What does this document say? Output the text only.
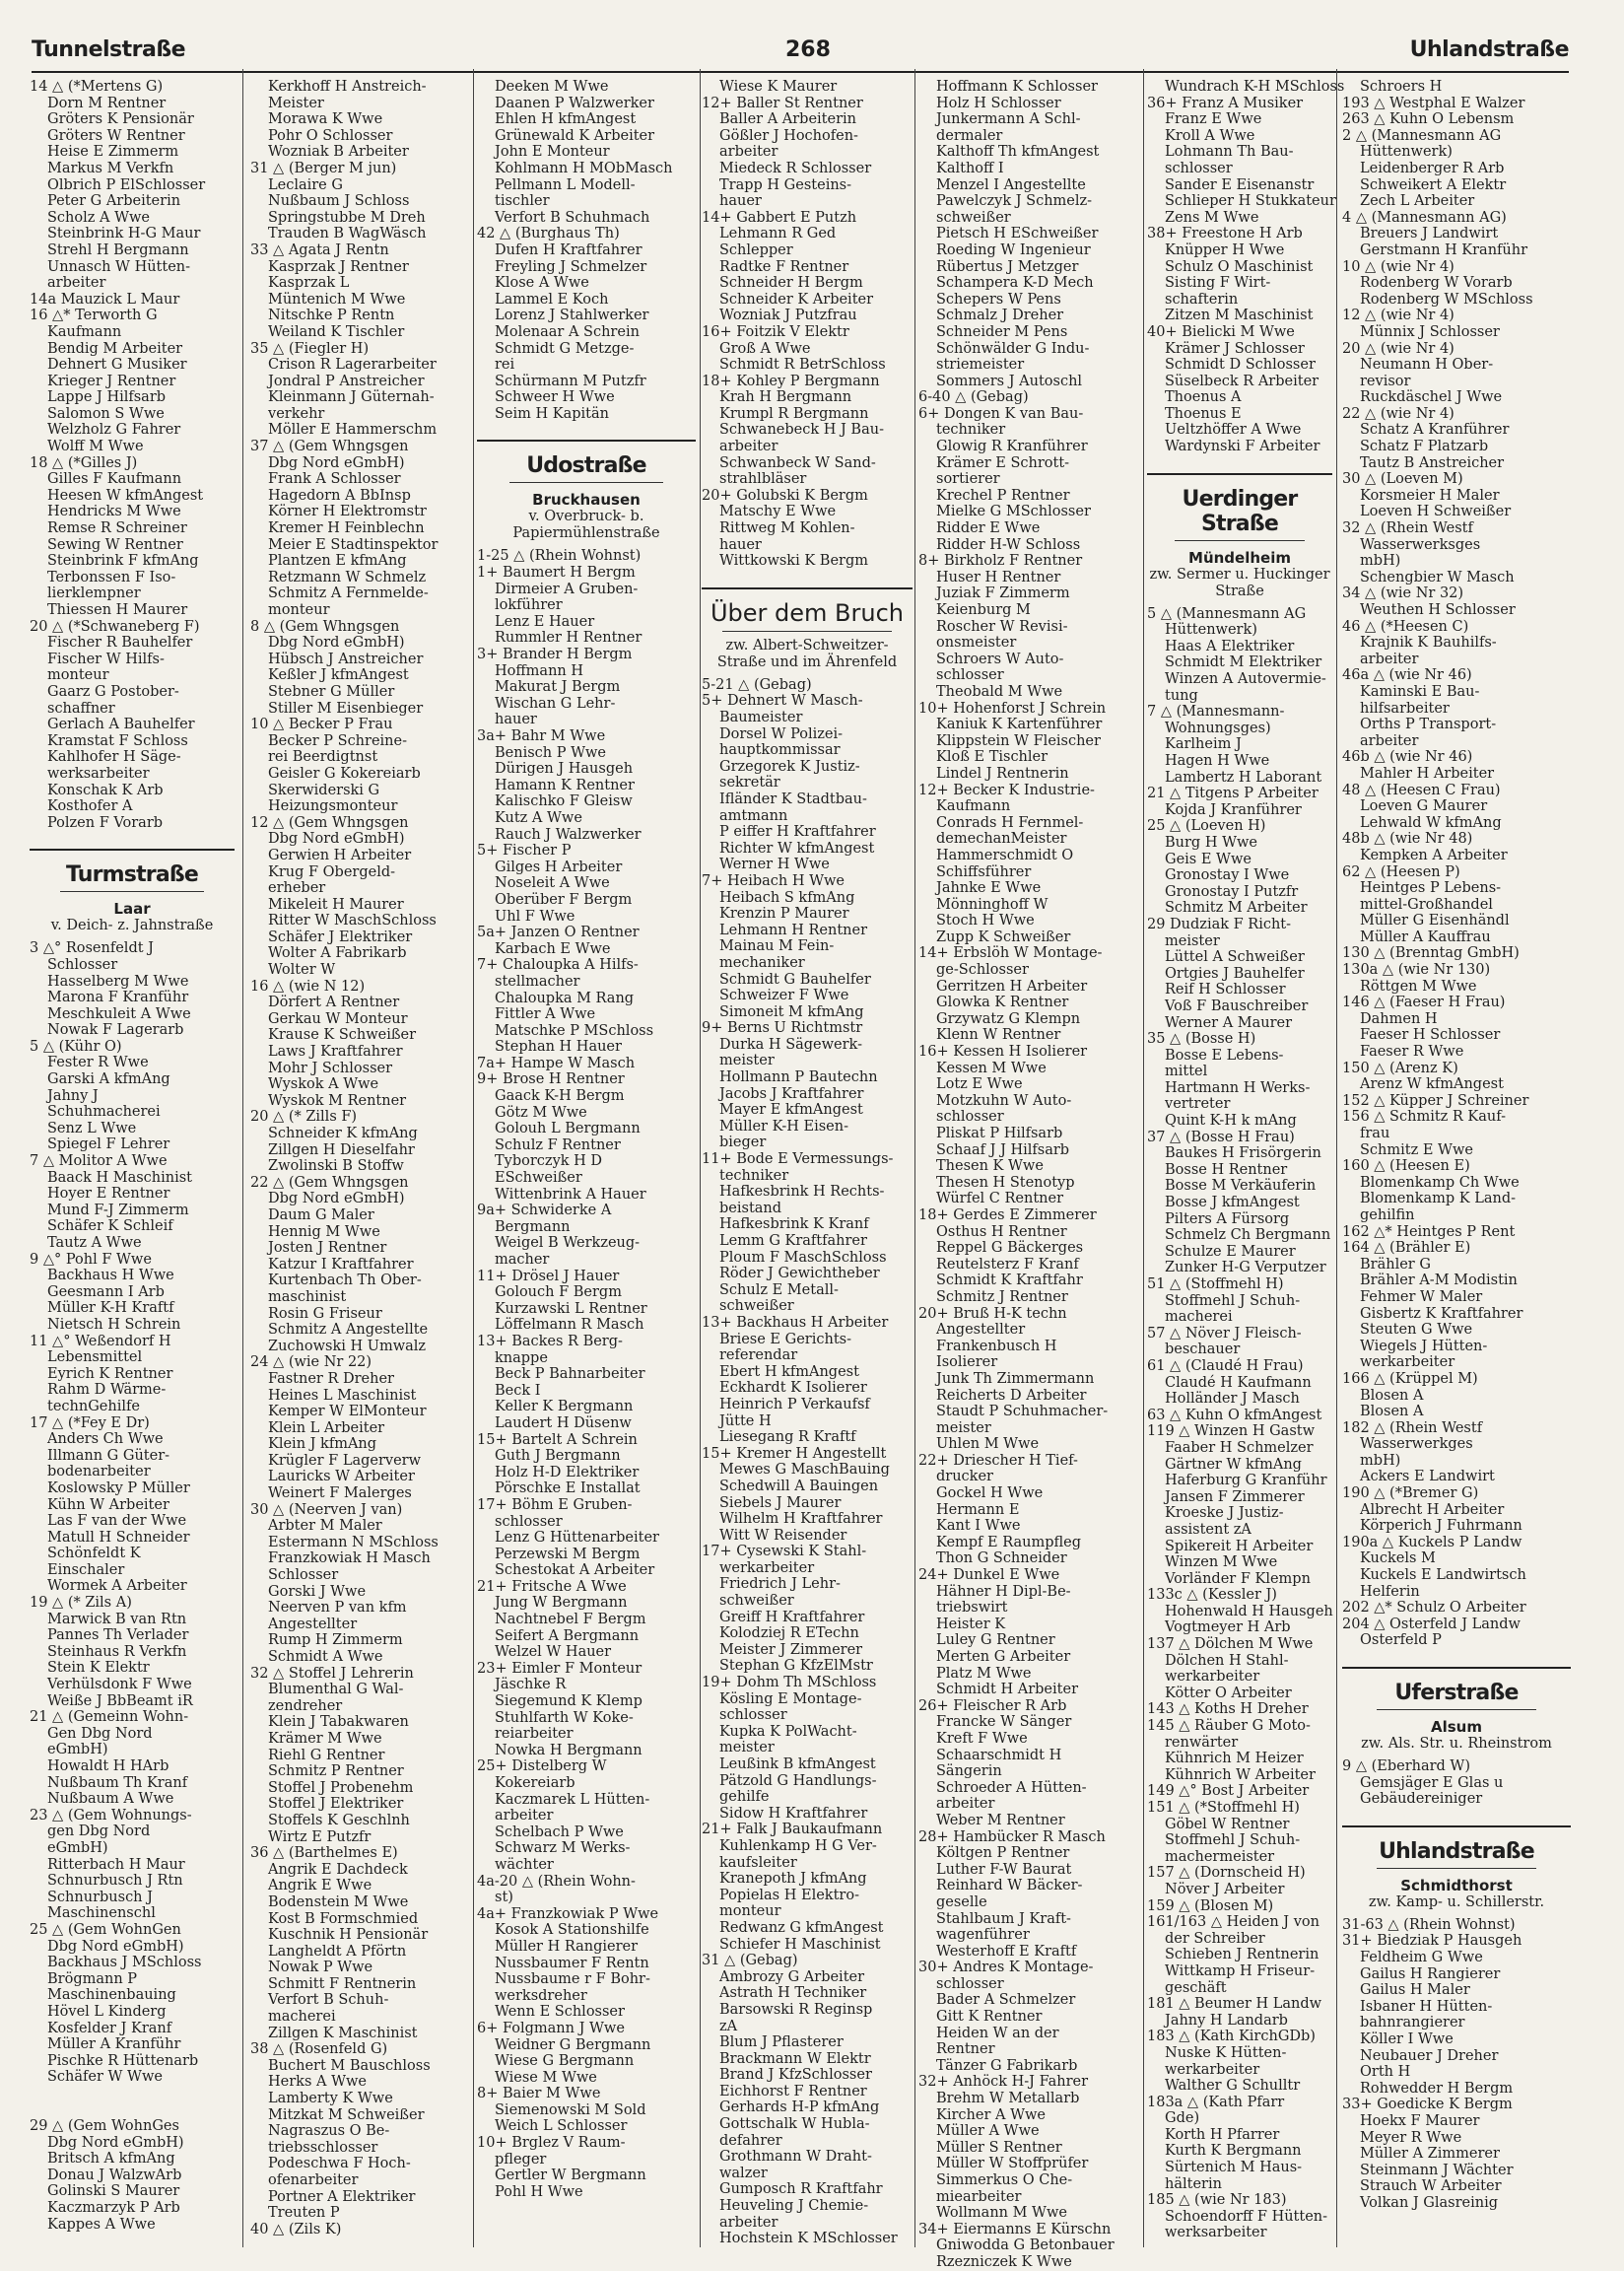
Tunnelstraße	268	Uhlandstraße
14 △ (*Mertens G)
Dorn M Rentner
Gröters K Pensionär
Gröters W Rentner
Heise E Zimmerm
Markus M Verkfn
Olbrich P ElSchlosser
Peter G Arbeiterin
Scholz A Wwe
Steinbrink H-G Maur
Strehl H Bergmann
Unnasch W Hütten-
arbeiter
14a Mauzick L Maur
16 △* Terworth G
Kaufmann
Bendig M Arbeiter
Dehnert G Musiker
Krieger J Rentner
Lappe J Hilfsarb
Salomon S Wwe
Welzholz G Fahrer
Wolff M Wwe
18 △ (*Gilles J)
Gilles F Kaufmann
Heesen W kfmAngest
Hendricks M Wwe
Remse R Schreiner
Sewing W Rentner
Steinbrink F kfmAng
Terbonssen F Iso-
lierklempner
Thiessen H Maurer
20 △ (*Schwaneberg F)
Fischer R Bauhelfer
Fischer W Hilfs-
monteur
Gaarz G Postober-
schaffner
Gerlach A Bauhelfer
Kramstat F Schloss
Kahlhofer H Säge-
werksarbeiter
Konschak K Arb
Kosthofer A
Polzen F Vorarb
Turmstraße
Laar
v. Deich- z. Jahnstraße
3 △° Rosenfeldt J
Schlosser
Hasselberg M Wwe
Marona F Kranführ
Meschkuleit A Wwe
Nowak F Lagerarb
5 △ (Kühr O)
Fester R Wwe
Garski A kfmAng
Jahny J
Schuhmacherei
Senz L Wwe
Spiegel F Lehrer
7 △ Molitor A Wwe
Baack H Maschinist
Hoyer E Rentner
Mund F-J Zimmerm
Schäfer K Schleif
Tautz A Wwe
9 △° Pohl F Wwe
Backhaus H Wwe
Geesmann I Arb
Müller K-H Kraftf
Nietsch H Schrein
11 △° Weßendorf H
Lebensmittel
Eyrich K Rentner
Rahm D Wärme-
technGehilfe
17 △ (*Fey E Dr)
Anders Ch Wwe
Illmann G Güter-
bodenarbeiter
Koslowsky P Müller
Kühn W Arbeiter
Las F van der Wwe
Matull H Schneider
Schönfeldt K
Einschaler
Wormek A Arbeiter
19 △ (* Zils A)
Marwick B van Rtn
Pannes Th Verlader
Steinhaus R Verkfn
Stein K Elektr
Verhülsdonk F Wwe
Weiße J BbBeamt iR
21 △ (Gemeinn Wohn-
Gen Dbg Nord
eGmbH)
Howaldt H HArb
Nußbaum Th Kranf
Nußbaum A Wwe
23 △ (Gem Wohnungs-
gen Dbg Nord
eGmbH)
Ritterbach H Maur
Schnurbusch J Rtn
Schnurbusch J
Maschinenschl
25 △ (Gem WohnGen
Dbg Nord eGmbH)
Backhaus J MSchloss
Brögmann P
Maschinenbauing
Hövel L Kinderg
Kosfelder J Kranf
Müller A Kranführ
Pischke R Hüttenarb
Schäfer W Wwe

29 △ (Gem WohnGes
Dbg Nord eGmbH)
Britsch A kfmAng
Donau J WalzwArb
Golinski S Maurer
Kaczmarzyk P Arb
Kappes A Wwe
Kerkhoff H Anstreich-
Meister
Morawa K Wwe
Pohr O Schlosser
Wozniak B Arbeiter
31 △ (Berger M jun)
Leclaire G
Nußbaum J Schloss
Springstubbe M Dreh
Trauden B WagWäsch
33 △ Agata J Rentn
Kasprzak J Rentner
Kasprzak L
Müntenich M Wwe
Nitschke P Rentn
Weiland K Tischler
35 △ (Fiegler H)
Crison R Lagerarbeiter
Jondral P Anstreicher
Kleinmann J Güternah-
verkehr
Möller E Hammerschm
37 △ (Gem Whngsgen
Dbg Nord eGmbH)
Frank A Schlosser
Hagedorn A BbInsp
Körner H Elektromstr
Kremer H Feinblechn
Meier E Stadtinspektor
Plantzen E kfmAng
Retzmann W Schmelz
Schmitz A Fernmelde-
monteur
8 △ (Gem Whngsgen
Dbg Nord eGmbH)
Hübsch J Anstreicher
Keßler J kfmAngest
Stebner G Müller
Stiller M Eisenbieger
10 △ Becker P Frau
Becker P Schreine-
rei Beerdigtnst
Geisler G Kokereiarb
Skerwiderski G
Heizungsmonteur
12 △ (Gem Whngsgen
Dbg Nord eGmbH)
Gerwien H Arbeiter
Krug F Obergeld-
erheber
Mikeleit H Maurer
Ritter W MaschSchloss
Schäfer J Elektriker
Wolter A Fabrikarb
Wolter W
16 △ (wie N 12)
Dörfert A Rentner
Gerkau W Monteur
Krause K Schweißer
Laws J Kraftfahrer
Mohr J Schlosser
Wyskok A Wwe
Wyskok M Rentner
20 △ (* Zills F)
Schneider K kfmAng
Zillgen H Dieselfahr
Zwolinski B Stoffw
22 △ (Gem Whngsgen
Dbg Nord eGmbH)
Daum G Maler
Hennig M Wwe
Josten J Rentner
Katzur I Kraftfahrer
Kurtenbach Th Ober-
maschinist
Rosin G Friseur
Schmitz A Angestellte
Zuchowski H Umwalz
24 △ (wie Nr 22)
Fastner R Dreher
Heines L Maschinist
Kemper W ElMonteur
Klein L Arbeiter
Klein J kfmAng
Krügler F Lagerverw
Lauricks W Arbeiter
Weinert F Malerges
30 △ (Neerven J van)
Arbter M Maler
Estermann N MSchloss
Franzkowiak H Masch
Schlosser
Gorski J Wwe
Neerven P van kfm
Angestellter
Rump H Zimmerm
Schmidt A Wwe
32 △ Stoffel J Lehrerin
Blumenthal G Wal-
zendreher
Klein J Tabakwaren
Krämer M Wwe
Riehl G Rentner
Schmitz P Rentner
Stoffel J Probenehm
Stoffel J Elektriker
Stoffels K Geschlnh
Wirtz E Putzfr
36 △ (Barthelmes E)
Angrik E Dachdeck
Angrik E Wwe
Bodenstein M Wwe
Kost B Formschmied
Kuschnik H Pensionär
Langheldt A Pförtn
Nowak P Wwe
Schmitt F Rentnerin
Verfort B Schuh-
macherei
Zillgen K Maschinist
38 △ (Rosenfeld G)
Buchert M Bauschloss
Herks A Wwe
Lamberty K Wwe
Mitzkat M Schweißer
Nagraszus O Be-
triebsschlosser
Podeschwa F Hoch-
ofenarbeiter
Portner A Elektriker
Treuten P
40 △ (Zils K)
Deeken M Wwe
Daanen P Walzwerker
Ehlen H kfmAngest
Grünewald K Arbeiter
John E Monteur
Kohlmann H MObMasch
Pellmann L Modell-
tischler
Verfort B Schuhmach
42 △ (Burghaus Th)
Dufen H Kraftfahrer
Freyling J Schmelzer
Klose A Wwe
Lammel E Koch
Lorenz J Stahlwerker
Molenaar A Schrein
Schmidt G Metzge-
rei
Schürmann M Putzfr
Schweer H Wwe
Seim H Kapitän
Udostraße
Bruckhausen
v. Overbruck- b. Papiermühlenstraße
1-25 △ (Rhein Wohnst)
1+ Baumert H Bergm
Dirmeier A Gruben-
lokführer
Lenz E Hauer
Rummler H Rentner
3+ Brander H Bergm
Hoffmann H
Makurat J Bergm
Wischan G Lehr-
hauer
3a+ Bahr M Wwe
Benisch P Wwe
Dürigen J Hausgeh
Hamann K Rentner
Kalischko F Gleisw
Kutz A Wwe
Rauch J Walzwerker
5+ Fischer P
Gilges H Arbeiter
Noseleit A Wwe
Oberüber F Bergm
Uhl F Wwe
5a+ Janzen O Rentner
Karbach E Wwe
7+ Chaloupka A Hilfs-
stellmacher
Chaloupka M Rang
Fittler A Wwe
Matschke P MSchloss
Stephan H Hauer
7a+ Hampe W Masch
9+ Brose H Rentner
Gaack K-H Bergm
Götz M Wwe
Golouh L Bergmann
Schulz F Rentner
Tyborczyk H D
ESchweißer
Wittenbrink A Hauer
9a+ Schwiderke A
Bergmann
Weigel B Werkzeug-
macher
11+ Drösel J Hauer
Golouch F Bergm
Kurzawski L Rentner
Löffelmann R Masch
13+ Backes R Berg-
knappe
Beck P Bahnarbeiter
Beck I
Keller K Bergmann
Laudert H Düsenw
15+ Bartelt A Schrein
Guth J Bergmann
Holz H-D Elektriker
Pörschke E Installat
17+ Böhm E Gruben-
schlosser
Lenz G Hüttenarbeiter
Perzewski M Bergm
Schestokat A Arbeiter
21+ Fritsche A Wwe
Jung W Bergmann
Nachtnebel F Bergm
Seifert A Bergmann
Welzel W Hauer
23+ Eimler F Monteur
Jäschke R
Siegemund K Klemp
Stuhlfarth W Koke-
reiarbeiter
Nowka H Bergmann
25+ Distelberg W
Kokereiarb
Kaczmarek L Hütten-
arbeiter
Schelbach P Wwe
Schwarz M Werks-
wächter
4a-20 △ (Rhein Wohn-
st)
4a+ Franzkowiak P Wwe
Kosok A Stationshilfe
Müller H Rangierer
Nussbaumer F Rentn
Nussbaume r F Bohr-
werksdreher
Wenn E Schlosser
6+ Folgmann J Wwe
Weidner G Bergmann
Wiese G Bergmann
Wiese M Wwe
8+ Baier M Wwe
Siemenowski M Sold
Weich L Schlosser
10+ Brglez V Raum-
pfleger
Gertler W Bergmann
Pohl H Wwe
Wiese K Maurer
12+ Baller St Rentner
Baller A Arbeiterin
Gößler J Hochofen-
arbeiter
Miedeck R Schlosser
Trapp H Gesteins-
hauer
14+ Gabbert E Putzh
Lehmann R Ged
Schlepper
Radtke F Rentner
Schneider H Bergm
Schneider K Arbeiter
Wozniak J Putzfrau
16+ Foitzik V Elektr
Groß A Wwe
Schmidt R BetrSchloss
18+ Kohley P Bergmann
Krah H Bergmann
Krumpl R Bergmann
Schwanebeck H J Bau-
arbeiter
Schwanbeck W Sand-
strahlbläser
20+ Golubski K Bergm
Matschy E Wwe
Rittweg M Kohlen-
hauer
Wittkowski K Bergm
Über dem Bruch
zw. Albert-Schweitzer-Straße und im Ährenfeld
5-21 △ (Gebag)
5+ Dehnert W Masch-
Baumeister
Dorsel W Polizei-
hauptkommissar
Grzegorek K Justiz-
sekretär
Ifländer K Stadtbau-
amtmann
P eiffer H Kraftfahrer
Richter W kfmAngest
Werner H Wwe
7+ Heibach H Wwe
Heibach S kfmAng
Krenzin P Maurer
Lehmann H Rentner
Mainau M Fein-
mechaniker
Schmidt G Bauhelfer
Schweizer F Wwe
Simoneit M kfmAng
9+ Berns U Richtmstr
Durka H Sägewerk-
meister
Hollmann P Bautechn
Jacobs J Kraftfahrer
Mayer E kfmAngest
Müller K-H Eisen-
bieger
11+ Bode E Vermessungs-
techniker
Hafkesbrink H Rechts-
beistand
Hafkesbrink K Kranf
Lemm G Kraftfahrer
Ploum F MaschSchloss
Röder J Gewichtheber
Schulz E Metall-
schweißer
13+ Backhaus H Arbeiter
Briese E Gerichts-
referendar
Ebert H kfmAngest
Eckhardt K Isolierer
Heinrich P Verkaufsf
Jütte H
Liesegang R Kraftf
15+ Kremer H Angestellt
Mewes G MaschBauing
Schedwill A Bauingen
Siebels J Maurer
Wilhelm H Kraftfahrer
Witt W Reisender
17+ Cysewski K Stahl-
werkarbeiter
Friedrich J Lehr-
schweißer
Greiff H Kraftfahrer
Kolodziej R ETechn
Meister J Zimmerer
Stephan G KfzElMstr
19+ Dohm Th MSchloss
Kösling E Montage-
schlosser
Kupka K PolWacht-
meister
Leußink B kfmAngest
Pätzold G Handlungs-
gehilfe
Sidow H Kraftfahrer
21+ Falk J Baukaufmann
Kuhlenkamp H G Ver-
kaufsleiter
Kranepoth J kfmAng
Popielas H Elektro-
monteur
Redwanz G kfmAngest
Schiefer H Maschinist
31 △ (Gebag)
Ambrozy G Arbeiter
Astrath H Techniker
Barsowski R Reginsp
zA
Blum J Pflasterer
Brackmann W Elektr
Brand J KfzSchlosser
Eichhorst F Rentner
Gerhards H-P kfmAng
Gottschalk W Hubla-
defahrer
Grothmann W Draht-
walzer
Gumposch R Kraftfahr
Heuveling J Chemie-
arbeiter
Hochstein K MSchlosser
Hoffmann K Schlosser
Holz H Schlosser
Junkermann A Schl-
dermaler
Kalthoff Th kfmAngest
Kalthoff I
Menzel I Angestellte
Pawelczyk J Schmelz-
schweißer
Pietsch H ESchweißer
Roeding W Ingenieur
Rübertus J Metzger
Schampera K-D Mech
Schepers W Pens
Schmalz J Dreher
Schneider M Pens
Schönwälder G Indu-
striemeister
Sommers J Autoschl
6-40 △ (Gebag)
6+ Dongen K van Bau-
techniker
Glowig R Kranführer
Krämer E Schrott-
sortierer
Krechel P Rentner
Mielke G MSchlosser
Ridder E Wwe
Ridder H-W Schloss
8+ Birkholz F Rentner
Huser H Rentner
Juziak F Zimmerm
Keienburg M
Roscher W Revisi-
onsmeister
Schroers W Auto-
schlosser
Theobald M Wwe
10+ Hohenforst J Schrein
Kaniuk K Kartenführer
Klippstein W Fleischer
Kloß E Tischler
Lindel J Rentnerin
12+ Becker K Industrie-
Kaufmann
Conrads H Fernmel-
demechanMeister
Hammerschmidt O
Schiffsführer
Jahnke E Wwe
Mönninghoff W
Stoch H Wwe
Zupp K Schweißer
14+ Erbslöh W Montage-
ge-Schlosser
Gerritzen H Arbeiter
Glowka K Rentner
Grzywatz G Klempn
Klenn W Rentner
16+ Kessen H Isolierer
Kessen M Wwe
Lotz E Wwe
Motzkuhn W Auto-
schlosser
Pliskat P Hilfsarb
Schaaf J J Hilfsarb
Thesen K Wwe
Thesen H Stenotyp
Würfel C Rentner
18+ Gerdes E Zimmerer
Osthus H Rentner
Reppel G Bäckerges
Reutelsterz F Kranf
Schmidt K Kraftfahr
Schmitz J Rentner
20+ Bruß H-K techn
Angestellter
Frankenbusch H
Isolierer
Junk Th Zimmermann
Reicherts D Arbeiter
Staudt P Schuhmacher-
meister
Uhlen M Wwe
22+ Driescher H Tief-
drucker
Gockel H Wwe
Hermann E
Kant I Wwe
Kempf E Raumpfleg
Thon G Schneider
24+ Dunkel E Wwe
Hähner H Dipl-Be-
triebswirt
Heister K
Luley G Rentner
Merten G Arbeiter
Platz M Wwe
Schmidt H Arbeiter
26+ Fleischer R Arb
Francke W Sänger
Kreft F Wwe
Schaarschmidt H
Sängerin
Schroeder A Hütten-
arbeiter
Weber M Rentner
28+ Hambücker R Masch
Költgen P Rentner
Luther F-W Baurat
Reinhard W Bäcker-
geselle
Stahlbaum J Kraft-
wagenführer
Westerhoff E Kraftf
30+ Andres K Montage-
schlosser
Bader A Schmelzer
Gitt K Rentner
Heiden W an der
Rentner
Tänzer G Fabrikarb
32+ Anhöck H-J Fahrer
Brehm W Metallarb
Kircher A Wwe
Müller A Wwe
Müller S Rentner
Müller W Stoffprüfer
Simmerkus O Che-
miearbeiter
Wollmann M Wwe
34+ Eiermanns E Kürschn
Gniwodda G Betonbauer
Rzezniczek K Wwe
Wundrach K-H MSchloss
36+ Franz A Musiker
Franz E Wwe
Kroll A Wwe
Lohmann Th Bau-
schlosser
Sander E Eisenanstr
Schlieper H Stukkateur
Zens M Wwe
38+ Freestone H Arb
Knüpper H Wwe
Schulz O Maschinist
Sisting F Wirt-
schafterin
Zitzen M Maschinist
40+ Bielicki M Wwe
Krämer J Schlosser
Schmidt D Schlosser
Süselbeck R Arbeiter
Thoenus A
Thoenus E
Ueltzhöffer A Wwe
Wardynski F Arbeiter
Uerdinger Straße
Mündelheim
zw. Sermer u. Huckinger Straße
5 △ (Mannesmann AG
Hüttenwerk)
Haas A Elektriker
Schmidt M Elektriker
Winzen A Autovermie-
tung
7 △ (Mannesmann-
Wohnungsges)
Karlheim J
Hagen H Wwe
Lambertz H Laborant
21 △ Titgens P Arbeiter
Kojda J Kranführer
25 △ (Loeven H)
Burg H Wwe
Geis E Wwe
Gronostay I Wwe
Gronostay I Putzfr
Schmitz M Arbeiter
29 Dudziak F Richt-
meister
Lüttel A Schweißer
Ortgies J Bauhelfer
Reif H Schlosser
Voß F Bauschreiber
Werner A Maurer
35 △ (Bosse H)
Bosse E Lebens-
mittel
Hartmann H Werks-
vertreter
Quint K-H k mAng
37 △ (Bosse H Frau)
Baukes H Frisörgerin
Bosse H Rentner
Bosse M Verkäuferin
Bosse J kfmAngest
Pilters A Fürsorg
Schmelz Ch Bergmann
Schulze E Maurer
Zunker H-G Verputzer
51 △ (Stoffmehl H)
Stoffmehl J Schuh-
macherei
57 △ Növer J Fleisch-
beschauer
61 △ (Claudé H Frau)
Claudé H Kaufmann
Holländer J Masch
63 △ Kuhn O kfmAngest
119 △ Winzen H Gastw
Faaber H Schmelzer
Gärtner W kfmAng
Haferburg G Kranführ
Jansen F Zimmerer
Kroeske J Justiz-
assistent zA
Spikereit H Arbeiter
Winzen M Wwe
Vorländer F Klempn
133c △ (Kessler J)
Hohenwald H Hausgeh
Vogtmeyer H Arb
137 △ Dölchen M Wwe
Dölchen H Stahl-
werkarbeiter
Kötter O Arbeiter
143 △ Koths H Dreher
145 △ Räuber G Moto-
renwärter
Kühnrich M Heizer
Kühnrich W Arbeiter
149 △° Bost J Arbeiter
151 △ (*Stoffmehl H)
Göbel W Rentner
Stoffmehl J Schuh-
machermeister
157 △ (Dornscheid H)
Növer J Arbeiter
159 △ (Blosen M)
161/163 △ Heiden J von
der Schreiber
Schieben J Rentnerin
Wittkamp H Friseur-
geschäft
181 △ Beumer H Landw
Jahny H Landarb
183 △ (Kath KirchGDb)
Nuske K Hütten-
werkarbeiter
Walther G Schulltr
183a △ (Kath Pfarr
Gde)
Korth H Pfarrer
Kurth K Bergmann
Sürtenich M Haus-
hälterin
185 △ (wie Nr 183)
Schoendorff F Hütten-
werksarbeiter
Schroers H
193 △ Westphal E Walzer
263 △ Kuhn O Lebensm
2 △ (Mannesmann AG
Hüttenwerk)
Leidenberger R Arb
Schweikert A Elektr
Zech L Arbeiter
4 △ (Mannesmann AG)
Breuers J Landwirt
Gerstmann H Kranführ
10 △ (wie Nr 4)
Rodenberg W Vorarb
Rodenberg W MSchloss
12 △ (wie Nr 4)
Münnix J Schlosser
20 △ (wie Nr 4)
Neumann H Ober-
revisor
Ruckdäschel J Wwe
22 △ (wie Nr 4)
Schatz A Kranführer
Schatz F Platzarb
Tautz B Anstreicher
30 △ (Loeven M)
Korsmeier H Maler
Loeven H Schweißer
32 △ (Rhein Westf
Wasserwerksges
mbH)
Schengbier W Masch
34 △ (wie Nr 32)
Weuthen H Schlosser
46 △ (*Heesen C)
Krajnik K Bauhilfs-
arbeiter
46a △ (wie Nr 46)
Kaminski E Bau-
hilfsarbeiter
Orths P Transport-
arbeiter
46b △ (wie Nr 46)
Mahler H Arbeiter
48 △ (Heesen C Frau)
Loeven G Maurer
Lehwald W kfmAng
48b △ (wie Nr 48)
Kempken A Arbeiter
62 △ (Heesen P)
Heintges P Lebens-
mittel-Großhandel
Müller G Eisenhändl
Müller A Kauffrau
130 △ (Brenntag GmbH)
130a △ (wie Nr 130)
Röttgen M Wwe
146 △ (Faeser H Frau)
Dahmen H
Faeser H Schlosser
Faeser R Wwe
150 △ (Arenz K)
Arenz W kfmAngest
152 △ Küpper J Schreiner
156 △ Schmitz R Kauf-
frau
Schmitz E Wwe
160 △ (Heesen E)
Blomenkamp Ch Wwe
Blomenkamp K Land-
gehilfin
162 △* Heintges P Rent
164 △ (Brähler E)
Brähler G
Brähler A-M Modistin
Fehmer W Maler
Gisbertz K Kraftfahrer
Steuten G Wwe
Wiegels J Hütten-
werkarbeiter
166 △ (Krüppel M)
Blosen A
Blosen A
182 △ (Rhein Westf
Wasserwerkges
mbH)
Ackers E Landwirt
190 △ (*Bremer G)
Albrecht H Arbeiter
Körperich J Fuhrmann
190a △ Kuckels P Landw
Kuckels M
Kuckels E Landwirtsch
Helferin
202 △* Schulz O Arbeiter
204 △ Osterfeld J Landw
Osterfeld P
Uferstraße
Alsum
zw. Als. Str. u. Rheinstrom
9 △ (Eberhard W)
Gemsjäger E Glas u
Gebäudereiniger
Uhlandstraße
Schmidthorst
zw. Kamp- u. Schillerstr.
31-63 △ (Rhein Wohnst)
31+ Biedziak P Hausgeh
Feldheim G Wwe
Gailus H Rangierer
Gailus H Maler
Isbaner H Hütten-
bahnrangierer
Köller I Wwe
Neubauer J Dreher
Orth H
Rohwedder H Bergm
33+ Goedicke K Bergm
Hoekx F Maurer
Meyer R Wwe
Müller A Zimmerer
Steinmann J Wächter
Strauch W Arbeiter
Volkan J Glasreinig
